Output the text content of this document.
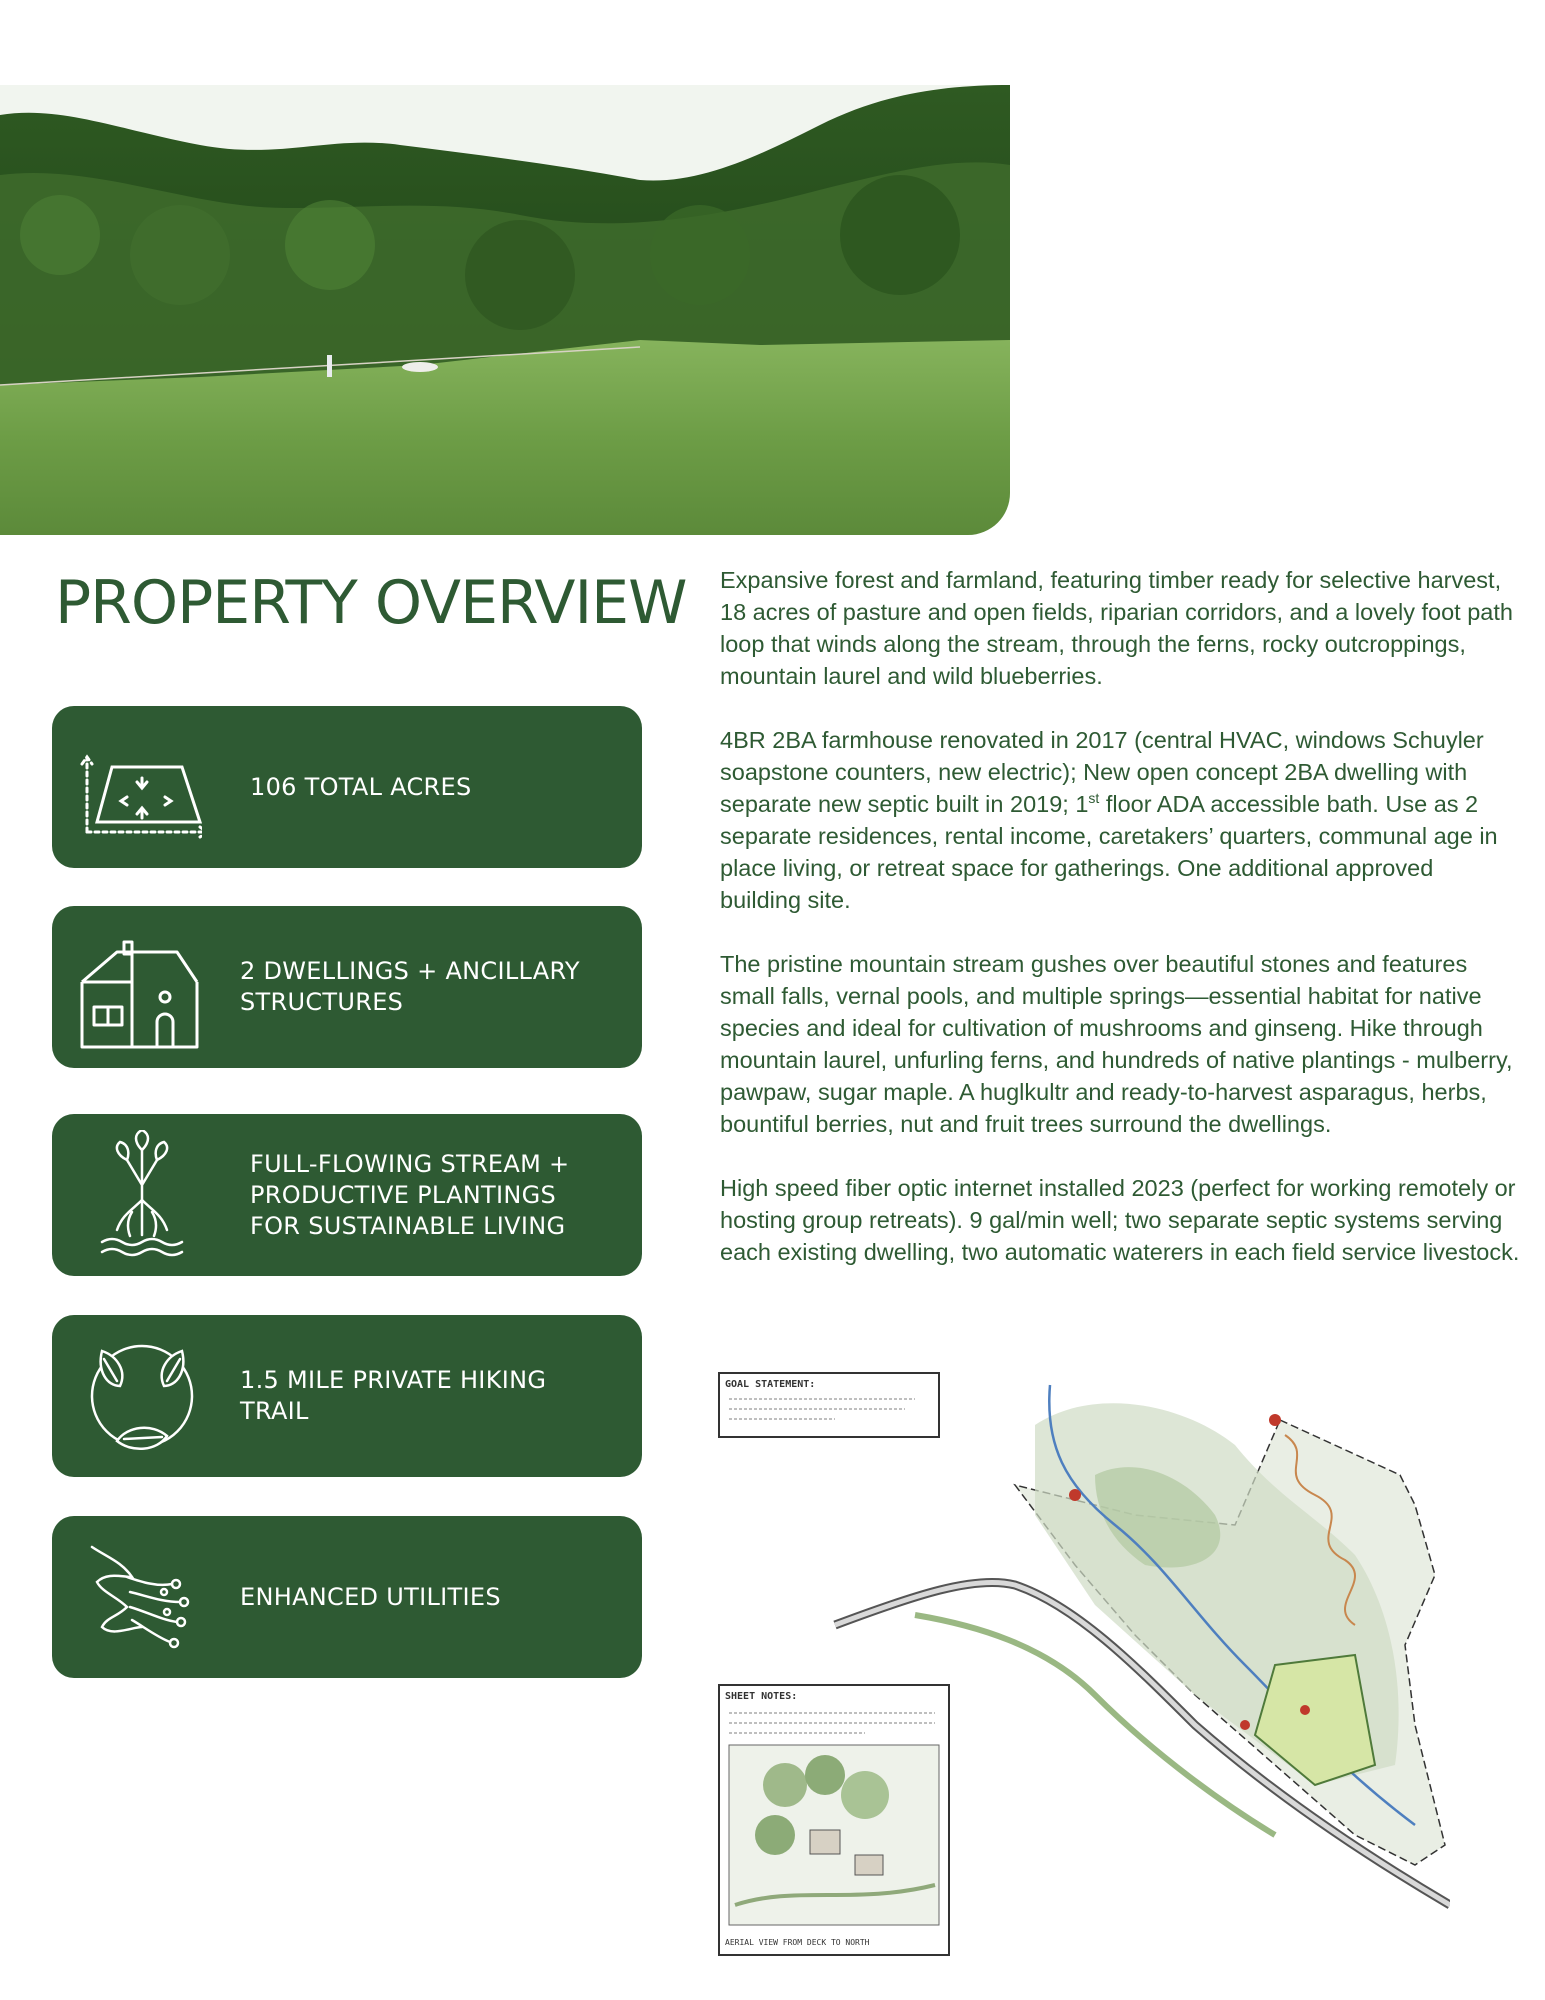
PROPERTY OVERVIEW
106 TOTAL ACRES
2 DWELLINGS + ANCILLARY
STRUCTURES
FULL-FLOWING STREAM +
PRODUCTIVE PLANTINGS
FOR SUSTAINABLE LIVING
1.5 MILE PRIVATE HIKING
TRAIL
ENHANCED UTILITIES

Expansive forest and farmland, featuring timber ready for selective harvest, 18 acres of pasture and open fields, riparian corridors, and a lovely foot path loop that winds along the stream, through the ferns, rocky outcroppings, mountain laurel and wild blueberries.

4BR 2BA farmhouse renovated in 2017 (central HVAC, windows Schuyler soapstone counters, new electric); New open concept 2BA dwelling with separate new septic built in 2019; 1st floor ADA accessible bath. Use as 2 separate residences, rental income, caretakers’ quarters, communal age in place living, or retreat space for gatherings. One additional approved building site.

The pristine mountain stream gushes over beautiful stones and features small falls, vernal pools, and multiple springs—essential habitat for native species and ideal for cultivation of mushrooms and ginseng. Hike through mountain laurel, unfurling ferns, and hundreds of native plantings - mulberry, pawpaw, sugar maple. A huglkultr and ready-to-harvest asparagus, herbs, bountiful berries, nut and fruit trees surround the dwellings.

High speed fiber optic internet installed 2023 (perfect for working remotely or hosting group retreats). 9 gal/min well; two separate septic systems serving each existing dwelling, two automatic waterers in each field service livestock.

GOAL STATEMENT:
SHEET NOTES:
AERIAL VIEW FROM DECK TO NORTH
